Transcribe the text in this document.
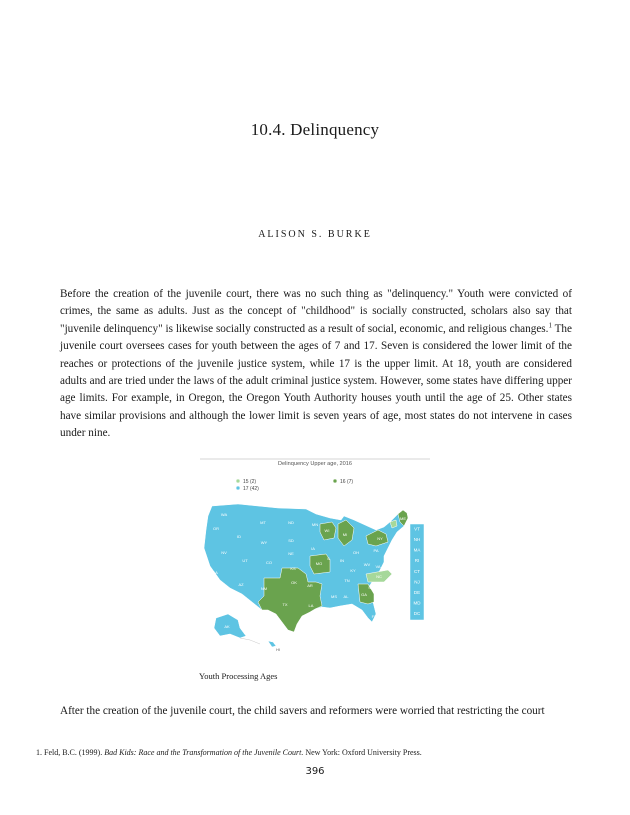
10.4. Delinquency
ALISON S. BURKE

Before the creation of the juvenile court, there was no such thing as "delinquency." Youth were convicted of crimes, the same as adults. Just as the concept of "childhood" is socially constructed, scholars also say that "juvenile delinquency" is likewise socially constructed as a result of social, economic, and religious changes.$^1$ The juvenile court oversees cases for youth between the ages of 7 and 17. Seven is considered the lower limit of the reaches or protections of the juvenile justice system, while 17 is the upper limit. At 18, youth are considered adults and are tried under the laws of the adult criminal justice system. However, some states have differing upper age limits. For example, in Oregon, the Oregon Youth Authority houses youth until the age of 25. Other states have similar provisions and although the lower limit is seven years of age, most states do not intervene in cases under nine.

Delinquency Upper age, 2016
15 (2)
17 (42)
16 (7)
VT
NH
MA
RI
CT
NJ
DE
MD
DC
WA
OR
ID
MT
WY
ND
SD
NE
NV
CA
UT	CO
AZ
NM
KS
OK
TX
MN
IA
MO
AR
LA
WI
IL
MI
IN
OH
KY
TN
MS AL	GA
FL
SC
NC
VA
WV
PA
NY
ME
AK
HI

Youth Processing Ages

After the creation of the juvenile court, the child savers and reformers were worried that restricting the court

1. Feld, B.C. (1999). Bad Kids: Race and the Transformation of the Juvenile Court. New York: Oxford University Press.

396
